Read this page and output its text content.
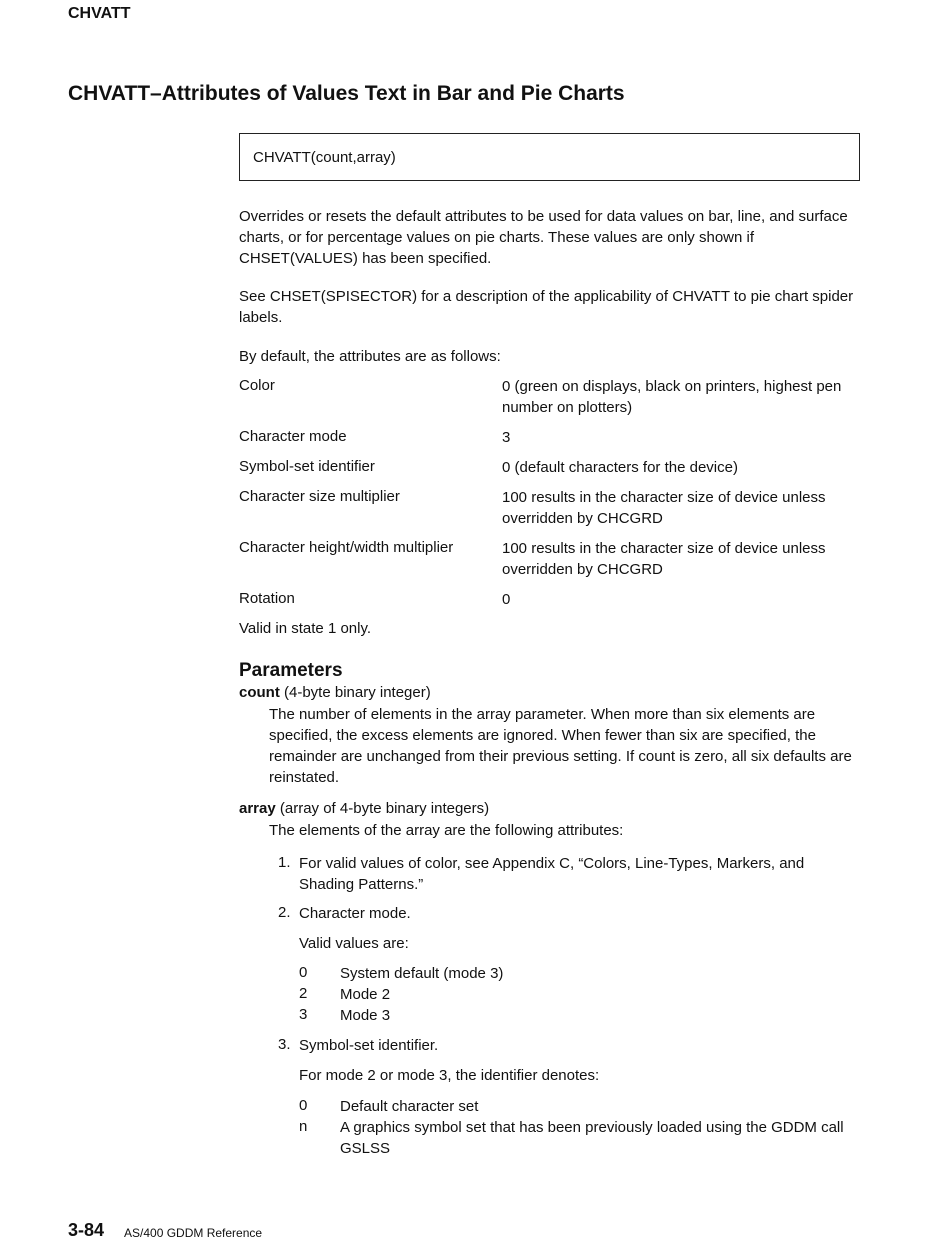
CHVATT
CHVATT–Attributes of Values Text in Bar and Pie Charts
CHVATT(count,array)
Overrides or resets the default attributes to be used for data values on bar, line, and surface charts, or for percentage values on pie charts. These values are only shown if CHSET(VALUES) has been specified.
See CHSET(SPISECTOR) for a description of the applicability of CHVATT to pie chart spider labels.
By default, the attributes are as follows:
Color	0 (green on displays, black on printers, highest pen number on plotters)
Character mode	3
Symbol-set identifier	0 (default characters for the device)
Character size multiplier	100 results in the character size of device unless overridden by CHCGRD
Character height/width multiplier	100 results in the character size of device unless overridden by CHCGRD
Rotation	0
Valid in state 1 only.
Parameters
count (4-byte binary integer)
The number of elements in the array parameter. When more than six elements are specified, the excess elements are ignored. When fewer than six are specified, the remainder are unchanged from their previous setting. If count is zero, all six defaults are reinstated.
array (array of 4-byte binary integers)
The elements of the array are the following attributes:
1. For valid values of color, see Appendix C, “Colors, Line-Types, Markers, and Shading Patterns.”
2. Character mode.
Valid values are:
0 System default (mode 3)
2 Mode 2
3 Mode 3
3. Symbol-set identifier.
For mode 2 or mode 3, the identifier denotes:
0 Default character set
n A graphics symbol set that has been previously loaded using the GDDM call GSLSS
3-84 AS/400 GDDM Reference
